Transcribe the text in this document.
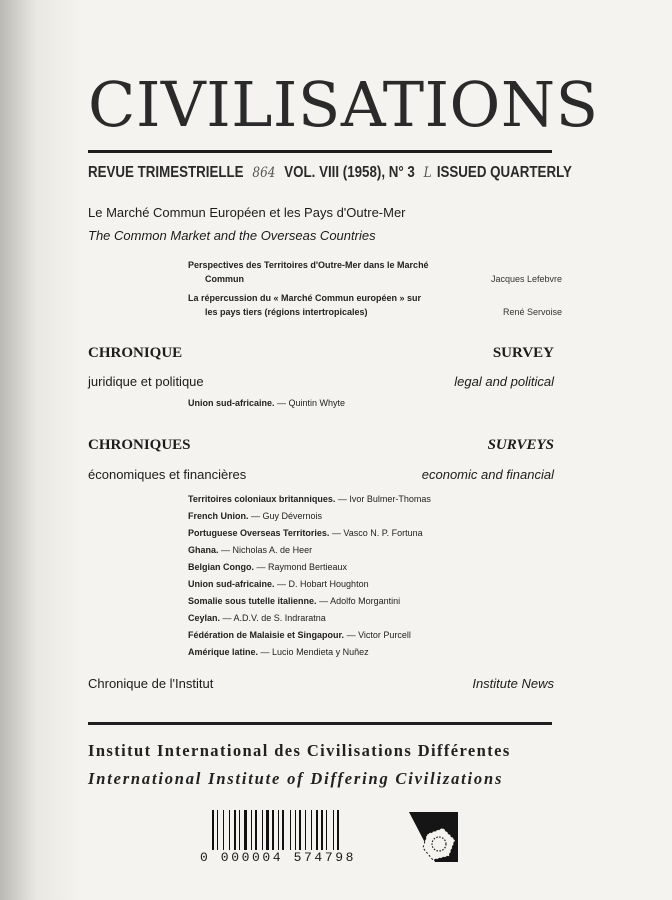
CIVILISATIONS
REVUE TRIMESTRIELLE 864 VOL. VIII (1958), N° 3 L ISSUED QUARTERLY
Le Marché Commun Européen et les Pays d'Outre-Mer
The Common Market and the Overseas Countries
Perspectives des Territoires d'Outre-Mer dans le Marché
Commun	Jacques Lefebvre
La répercussion du « Marché Commun européen » sur
les pays tiers (régions intertropicales)	René Servoise
CHRONIQUE	SURVEY
juridique et politique	legal and political
Union sud-africaine. — Quintin Whyte
CHRONIQUES	SURVEYS
économiques et financières	economic and financial
Territoires coloniaux britanniques. — Ivor Bulmer-Thomas
French Union. — Guy Dévernois
Portuguese Overseas Territories. — Vasco N. P. Fortuna
Ghana. — Nicholas A. de Heer
Belgian Congo. — Raymond Bertieaux
Union sud-africaine. — D. Hobart Houghton
Somalie sous tutelle italienne. — Adolfo Morgantini
Ceylan. — A.D.V. de S. Indraratna
Fédération de Malaisie et Singapour. — Victor Purcell
Amérique latine. — Lucio Mendieta y Nuñez
Chronique de l'Institut	Institute News
Institut International des Civilisations Différentes
International Institute of Differing Civilizations
0 000004 574798
